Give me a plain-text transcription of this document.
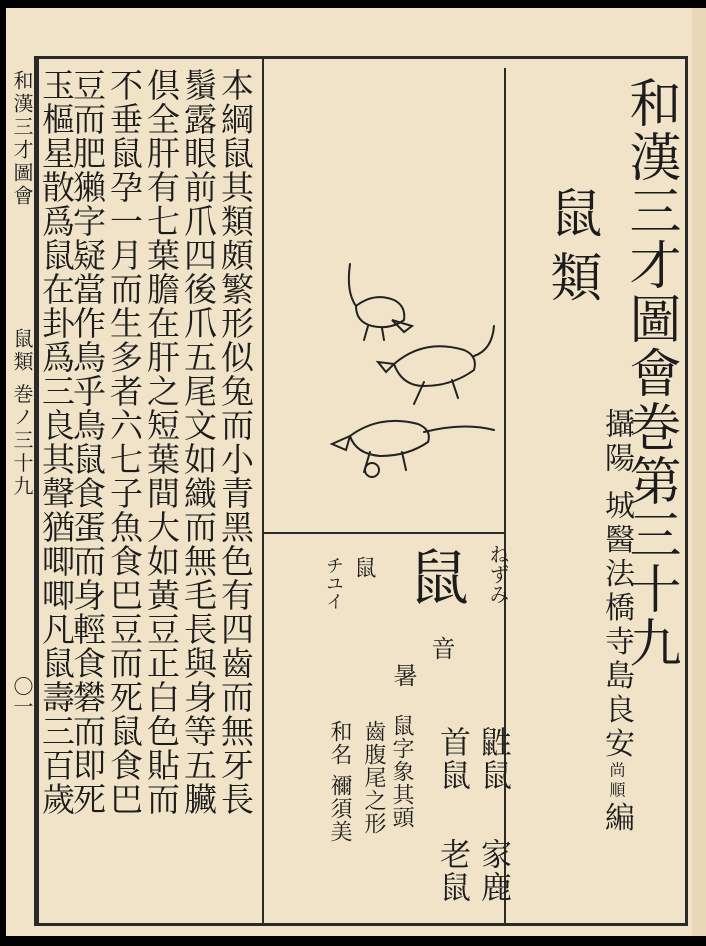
和漢三才圖會
鼠類 巻ノ三十九
〇一
和漢三才圖會巻第三十九
攝陽 城醫法橋寺島良安尚順編
鼠類
ねずみ
鼠
鼠
チユイ
音
暑
鼪鼠
家鹿
首鼠
老鼠
鼠字象其頭
齒腹尾之形
和名 禰須美
本綱鼠其類頗繁形似兔而小青黑色有四齒而無牙長
鬚露眼前爪四後爪五尾文如織而無毛長與身等五臟
倶全肝有七葉膽在肝之短葉間大如黃豆正白色貼而
不垂鼠孕一月而生多者六七子魚食巴豆而死鼠食巴
豆而肥獺字疑當作鳥乎鳥鼠食蛋而身輕食礬而即死
玉樞星散爲鼠在卦爲三良其聲猶唧唧凡鼠壽三百歲
